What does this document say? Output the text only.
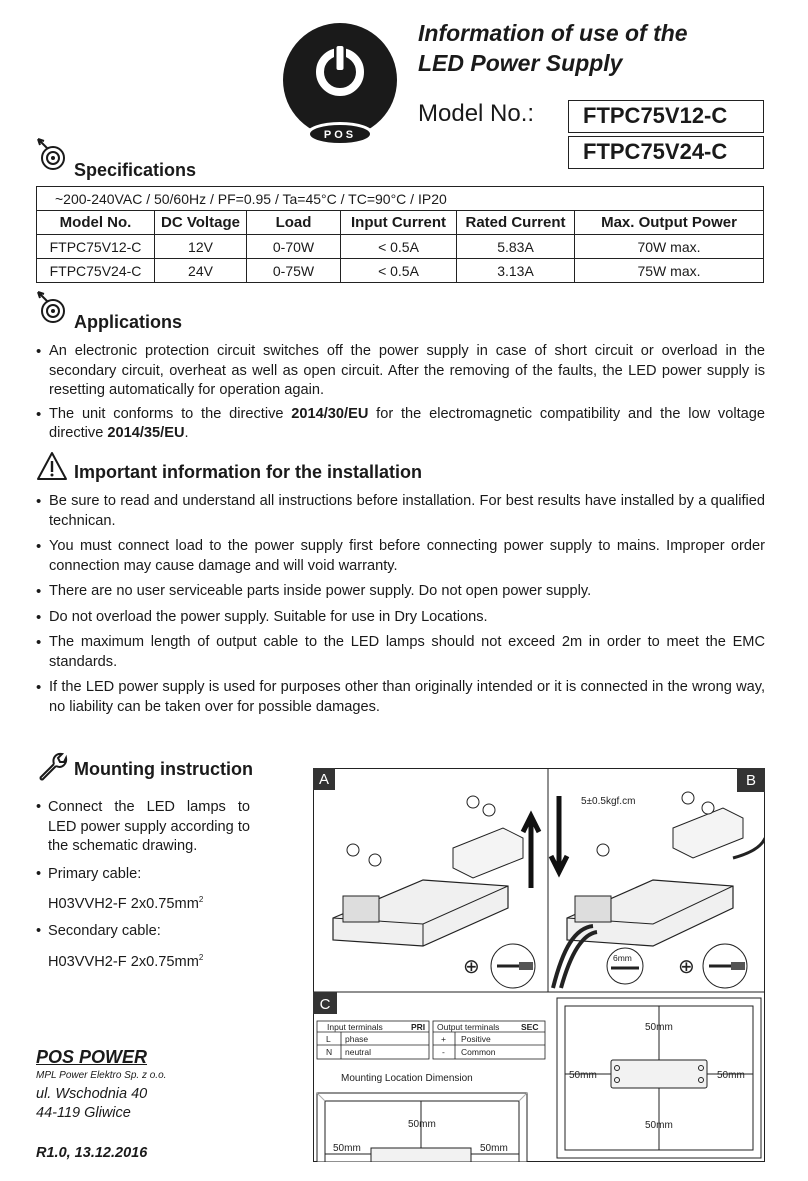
POS
Information of use of the
LED Power Supply
Model No.:	FTPC75V12-C
FTPC75V24-C
Specifications
~200-240VAC / 50/60Hz / PF=0.95 / Ta=45°C / TC=90°C / IP20					
Model No.	DC Voltage	Load	Input Current	Rated Current	Max. Output Power
FTPC75V12-C	12V	0-70W	< 0.5A	5.83A	70W max.
FTPC75V24-C	24V	0-75W	< 0.5A	3.13A	75W max.
Applications
• An electronic protection circuit switches off the power supply in case of short circuit or overload in the secondary circuit, overheat as well as open circuit. After the removing of the faults, the LED power supply is resetting automatically for operation again.
• The unit conforms to the directive 2014/30/EU for the electromagnetic compatibility and the low voltage directive 2014/35/EU.
Important information for the installation
• Be sure to read and understand all instructions before installation. For best results have installed by a qualified technican.
• You must connect load to the power supply first before connecting power supply to mains. Improper order connection may cause damage and will void warranty.
• There are no user serviceable parts inside power supply. Do not open power supply.
• Do not overload the power supply. Suitable for use in Dry Locations.
• The maximum length of output cable to the LED lamps should not exceed 2m in order to meet the EMC standards.
• If the LED power supply is used for purposes other than originally intended or it is connected in the wrong way, no liability can be taken over for possible damages.
Mounting instruction

• Connect the LED lamps to LED power supply according to the schematic drawing.

• Primary cable:

H03VVH2-F $2x0.75mm^2$

• Secondary cable:

H03VVH2-F $2x0.75mm^2$

POS POWER
MPL Power Elektro Sp. z o.o.
ul. Wschodnia 40
44-119 Gliwice
R1.0, 13.12.2016
A
⊕
B
5±0.5kgf.cm
6mm ⊕
C
Input terminals	PRI
L phase
N neutral
Output terminals	SEC
+ Positive
- Common
Mounting Location Dimension
50mm
50mm	50mm
50mm
50mm
50mm	50mm
